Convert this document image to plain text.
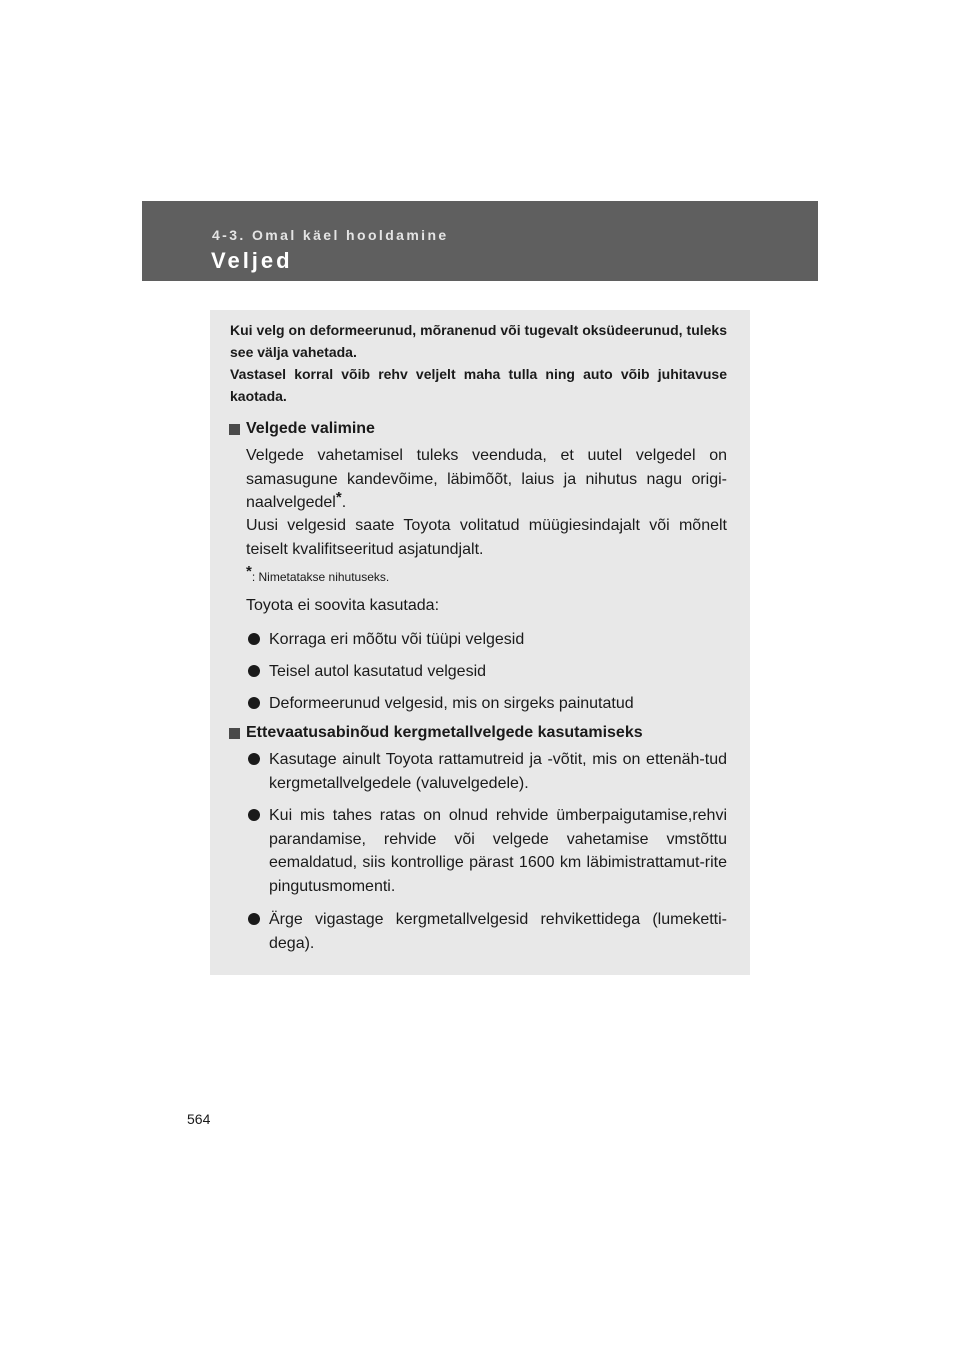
4-3. Omal käel hooldamine
Veljed
Kui velg on deformeerunud, mõranenud või tugevalt oksüdeerunud, tuleks see välja vahetada.
Vastasel korral võib rehv veljelt maha tulla ning auto võib juhitavuse kaotada.
Velgede valimine
Velgede vahetamisel tuleks veenduda, et uutel velgedel on samasugune kandevõime, läbimõõt, laius ja nihutus nagu origi-naalvelgedel*.
Uusi velgesid saate Toyota volitatud müügiesindajalt või mõnelt teiselt kvalifitseeritud asjatundjalt.
*: Nimetatakse nihutuseks.
Toyota ei soovita kasutada:
Korraga eri mõõtu või tüüpi velgesid
Teisel autol kasutatud velgesid
Deformeerunud velgesid, mis on sirgeks painutatud
Ettevaatusabinõud kergmetallvelgede kasutamiseks
Kasutage ainult Toyota rattamutreid ja -võtit, mis on ettenäh-tud kergmetallvelgedele (valuvelgedele).
Kui mis tahes ratas on olnud rehvide ümberpaigutamise,rehvi parandamise, rehvide või velgede vahetamise vmstõttu eemaldatud, siis kontrollige pärast 1600 km läbimistrattamut-rite pingutusmomenti.
Ärge vigastage kergmetallvelgesid rehvikettidega (lumeketti-dega).
564
